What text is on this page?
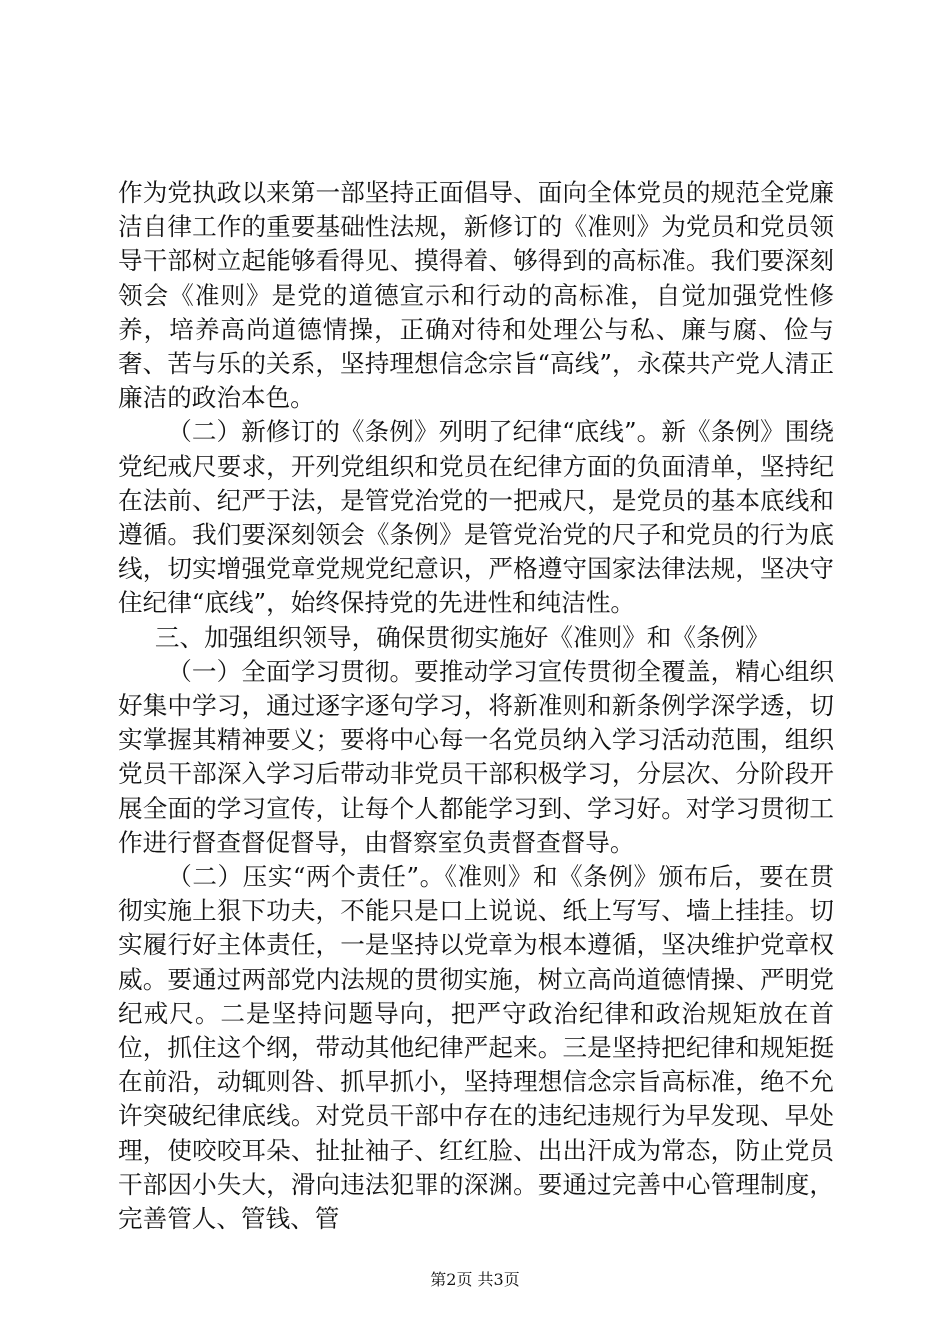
作为党执政以来第一部坚持正面倡导、面向全体党员的规范全党廉洁自律工作的重要基础性法规，新修订的《准则》为党员和党员领导干部树立起能够看得见、摸得着、够得到的高标准。我们要深刻领会《准则》是党的道德宣示和行动的高标准，自觉加强党性修养，培养高尚道德情操，正确对待和处理公与私、廉与腐、俭与奢、苦与乐的关系，坚持理想信念宗旨“高线”，永葆共产党人清正廉洁的政治本色。

（二）新修订的《条例》列明了纪律“底线”。新《条例》围绕党纪戒尺要求，开列党组织和党员在纪律方面的负面清单，坚持纪在法前、纪严于法，是管党治党的一把戒尺，是党员的基本底线和遵循。我们要深刻领会《条例》是管党治党的尺子和党员的行为底线，切实增强党章党规党纪意识，严格遵守国家法律法规，坚决守住纪律“底线”，始终保持党的先进性和纯洁性。

三、加强组织领导，确保贯彻实施好《准则》和《条例》

（一）全面学习贯彻。要推动学习宣传贯彻全覆盖，精心组织好集中学习，通过逐字逐句学习，将新准则和新条例学深学透，切实掌握其精神要义；要将中心每一名党员纳入学习活动范围，组织党员干部深入学习后带动非党员干部积极学习，分层次、分阶段开展全面的学习宣传，让每个人都能学习到、学习好。对学习贯彻工作进行督查督促督导，由督察室负责督查督导。

（二）压实“两个责任”。《准则》和《条例》颁布后，要在贯彻实施上狠下功夫，不能只是口上说说、纸上写写、墙上挂挂。切实履行好主体责任，一是坚持以党章为根本遵循，坚决维护党章权威。要通过两部党内法规的贯彻实施，树立高尚道德情操、严明党纪戒尺。二是坚持问题导向，把严守政治纪律和政治规矩放在首位，抓住这个纲，带动其他纪律严起来。三是坚持把纪律和规矩挺在前沿，动辄则咎、抓早抓小，坚持理想信念宗旨高标准，绝不允许突破纪律底线。对党员干部中存在的违纪违规行为早发现、早处理，使咬咬耳朵、扯扯袖子、红红脸、出出汗成为常态，防止党员干部因小失大，滑向违法犯罪的深渊。要通过完善中心管理制度，完善管人、管钱、管

第2页 共3页
